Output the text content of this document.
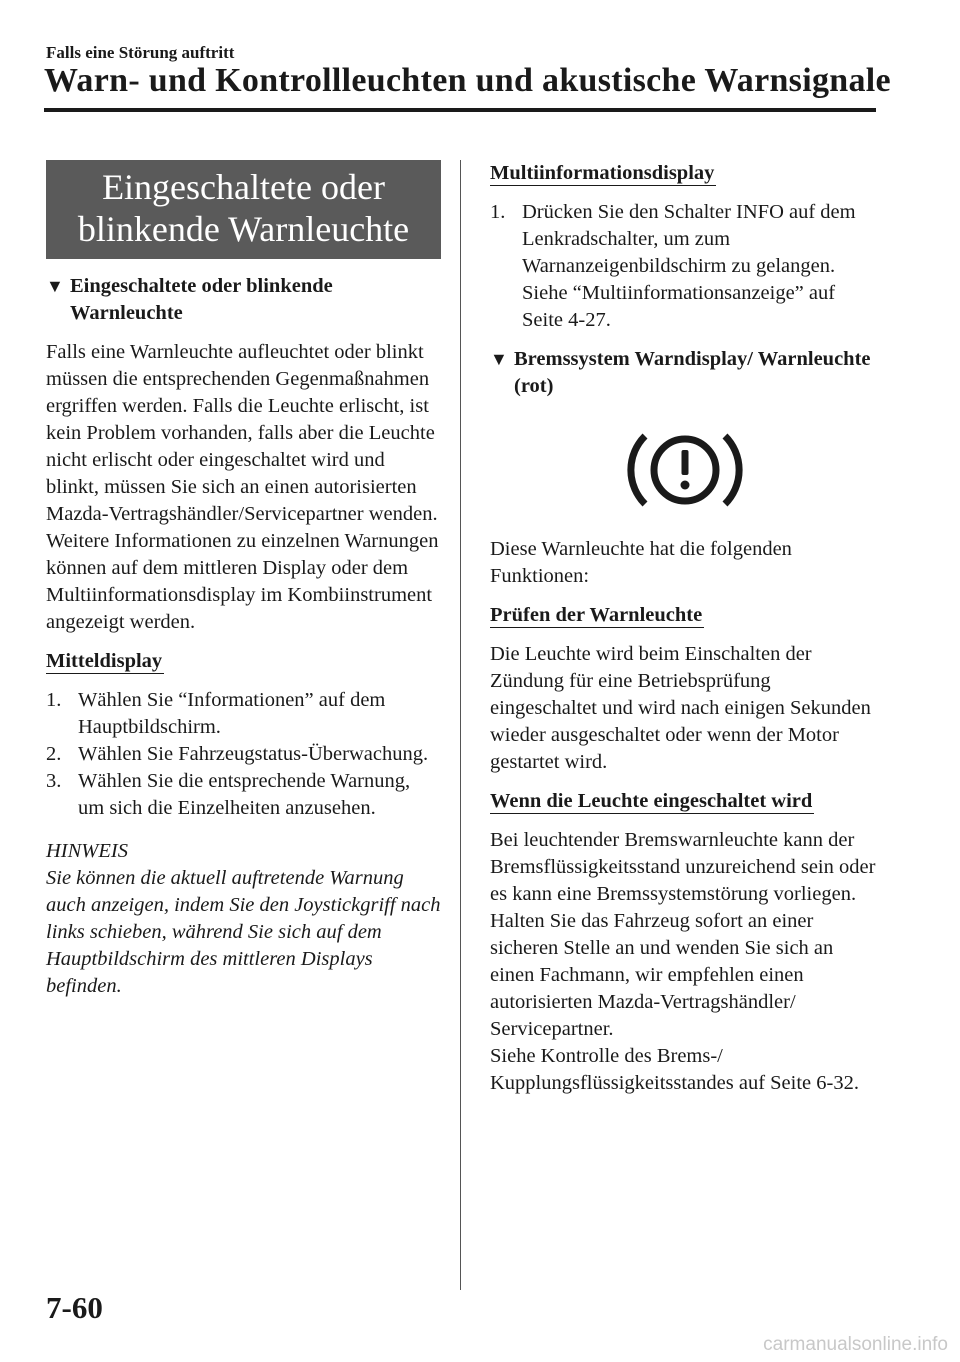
Falls eine Störung auftritt
Warn- und Kontrollleuchten und akustische Warnsignale
Eingeschaltete oder
blinkende Warnleuchte

▼ Eingeschaltete oder blinkende Warnleuchte

Falls eine Warnleuchte aufleuchtet oder blinkt müssen die entsprechenden Gegenmaßnahmen ergriffen werden. Falls die Leuchte erlischt, ist kein Problem vorhanden, falls aber die Leuchte nicht erlischt oder eingeschaltet wird und blinkt, müssen Sie sich an einen autorisierten Mazda-Vertragshändler/Servicepartner wenden.

Weitere Informationen zu einzelnen Warnungen können auf dem mittleren Display oder dem Multiinformationsdisplay im Kombiinstrument angezeigt werden.

Mitteldisplay
1. Wählen Sie “Informationen” auf dem Hauptbildschirm.
2. Wählen Sie Fahrzeugstatus-Überwachung.
3. Wählen Sie die entsprechende Warnung, um sich die Einzelheiten anzusehen.
HINWEIS
Sie können die aktuell auftretende Warnung auch anzeigen, indem Sie den Joystickgriff nach links schieben, während Sie sich auf dem Hauptbildschirm des mittleren Displays befinden.
Multiinformationsdisplay
1. Drücken Sie den Schalter INFO auf dem Lenkradschalter, um zum Warnanzeigenbildschirm zu gelangen. Siehe “Multiinformationsanzeige” auf Seite 4-27.

▼ Bremssystem Warndisplay/ Warnleuchte (rot)

Diese Warnleuchte hat die folgenden Funktionen:

Prüfen der Warnleuchte

Die Leuchte wird beim Einschalten der Zündung für eine Betriebsprüfung eingeschaltet und wird nach einigen Sekunden wieder ausgeschaltet oder wenn der Motor gestartet wird.

Wenn die Leuchte eingeschaltet wird

Bei leuchtender Bremswarnleuchte kann der Bremsflüssigkeitsstand unzureichend sein oder es kann eine Bremssystemstörung vorliegen. Halten Sie das Fahrzeug sofort an einer sicheren Stelle an und wenden Sie sich an einen Fachmann, wir empfehlen einen autorisierten Mazda-Vertragshändler/ Servicepartner.

Siehe Kontrolle des Brems-/ Kupplungsflüssigkeitsstandes auf Seite 6-32.

7-60
carmanualsonline.info
